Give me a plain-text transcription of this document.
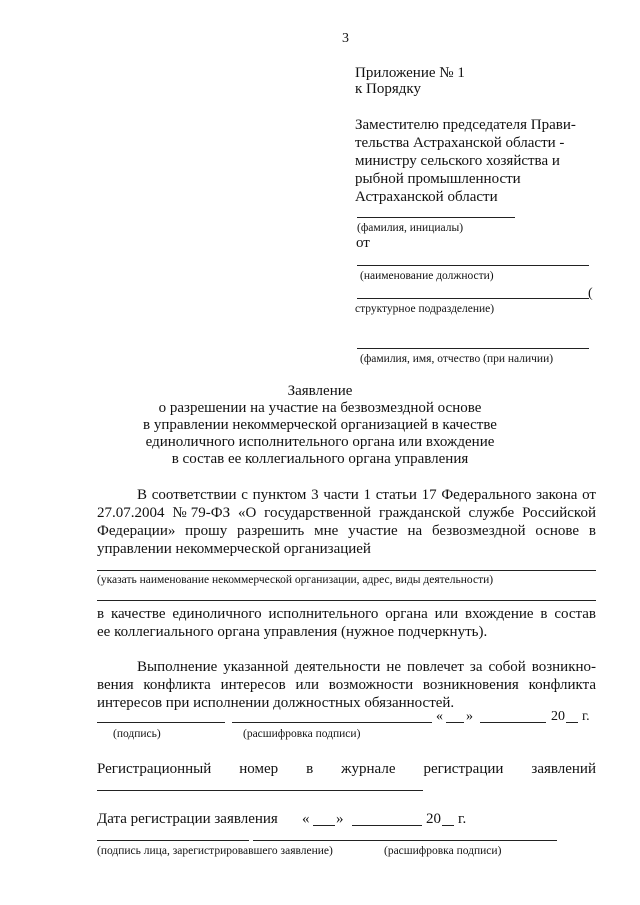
3
Приложение № 1
к Порядку
Заместителю председателя Прави-
тельства Астраханской области -
министру сельского хозяйства и
рыбной промышленности
Астраханской области
(фамилия, инициалы)
от
(наименование должности)
(
структурное подразделение)
(фамилия, имя, отчество (при наличии)
Заявление
о разрешении на участие на безвозмездной основе
в управлении некоммерческой организацией в качестве
единоличного исполнительного органа или вхождение
в состав ее коллегиального органа управления
В соответствии с пунктом 3 части 1 статьи 17 Федерального закона от
27.07.2004 №79-ФЗ «О государственной гражданской службе Российской
Федерации» прошу разрешить мне участие на безвозмездной основе в
управлении некоммерческой организацией
(указать наименование некоммерческой организации, адрес, виды деятельности)
в качестве единоличного исполнительного органа или вхождение в состав
ее коллегиального органа управления (нужное подчеркнуть).
Выполнение указанной деятельности не повлечет за собой возникно-
вения конфликта интересов или возможности возникновения конфликта
интересов при исполнении должностных обязанностей.
« »	20 г.
(подпись)	(расшифровка подписи)
Регистрационный номер в журнале регистрации заявлений
Дата регистрации заявления « »	20 г.
(подпись лица, зарегистрировавшего заявление)	(расшифровка подписи)
